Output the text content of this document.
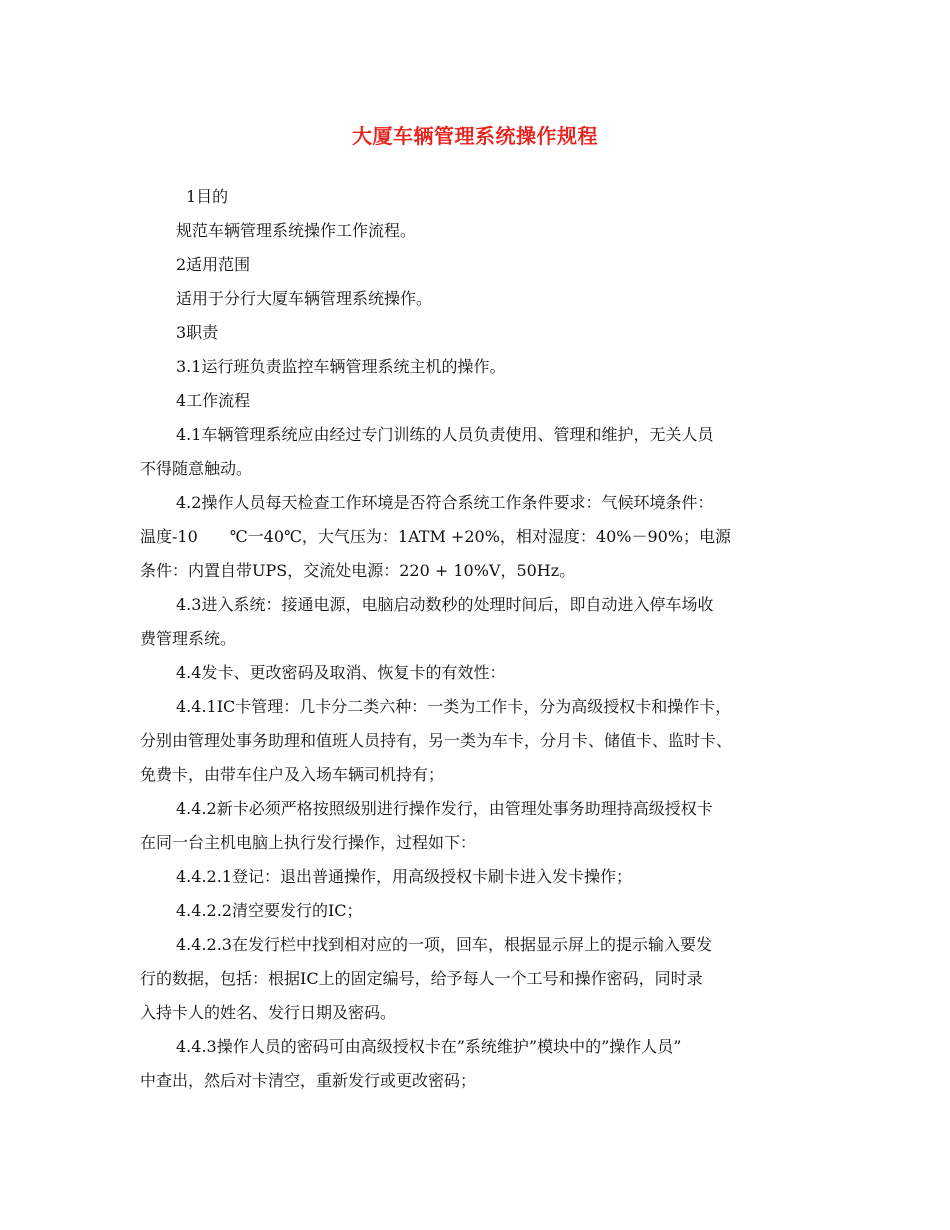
大厦车辆管理系统操作规程

1目的

规范车辆管理系统操作工作流程。

2适用范围

适用于分行大厦车辆管理系统操作。

3职责

3.1运行班负责监控车辆管理系统主机的操作。

4工作流程

4.1车辆管理系统应由经过专门训练的人员负责使用、管理和维护，无关人员

不得随意触动。

4.2操作人员每天检查工作环境是否符合系统工作条件要求：气候环境条件：

温度-10　　℃一40℃，大气压为：1ATM +20%，相对湿度：40%－90%；电源

条件：内置自带UPS，交流处电源：220 + 10%V，50Hz。

4.3进入系统：接通电源，电脑启动数秒的处理时间后，即自动进入停车场收

费管理系统。

4.4发卡、更改密码及取消、恢复卡的有效性：

4.4.1IC卡管理：几卡分二类六种：一类为工作卡，分为高级授权卡和操作卡，

分别由管理处事务助理和值班人员持有，另一类为车卡，分月卡、储值卡、监时卡、

免费卡，由带车住户及入场车辆司机持有；

4.4.2新卡必须严格按照级别进行操作发行，由管理处事务助理持高级授权卡

在同一台主机电脑上执行发行操作，过程如下：

4.4.2.1登记：退出普通操作，用高级授权卡刷卡进入发卡操作；

4.4.2.2清空要发行的IC；

4.4.2.3在发行栏中找到相对应的一项，回车，根据显示屏上的提示输入要发

行的数据，包括：根据IC上的固定编号，给予每人一个工号和操作密码，同时录

入持卡人的姓名、发行日期及密码。

4.4.3操作人员的密码可由高级授权卡在”系统维护”模块中的”操作人员”

中查出，然后对卡清空，重新发行或更改密码；
